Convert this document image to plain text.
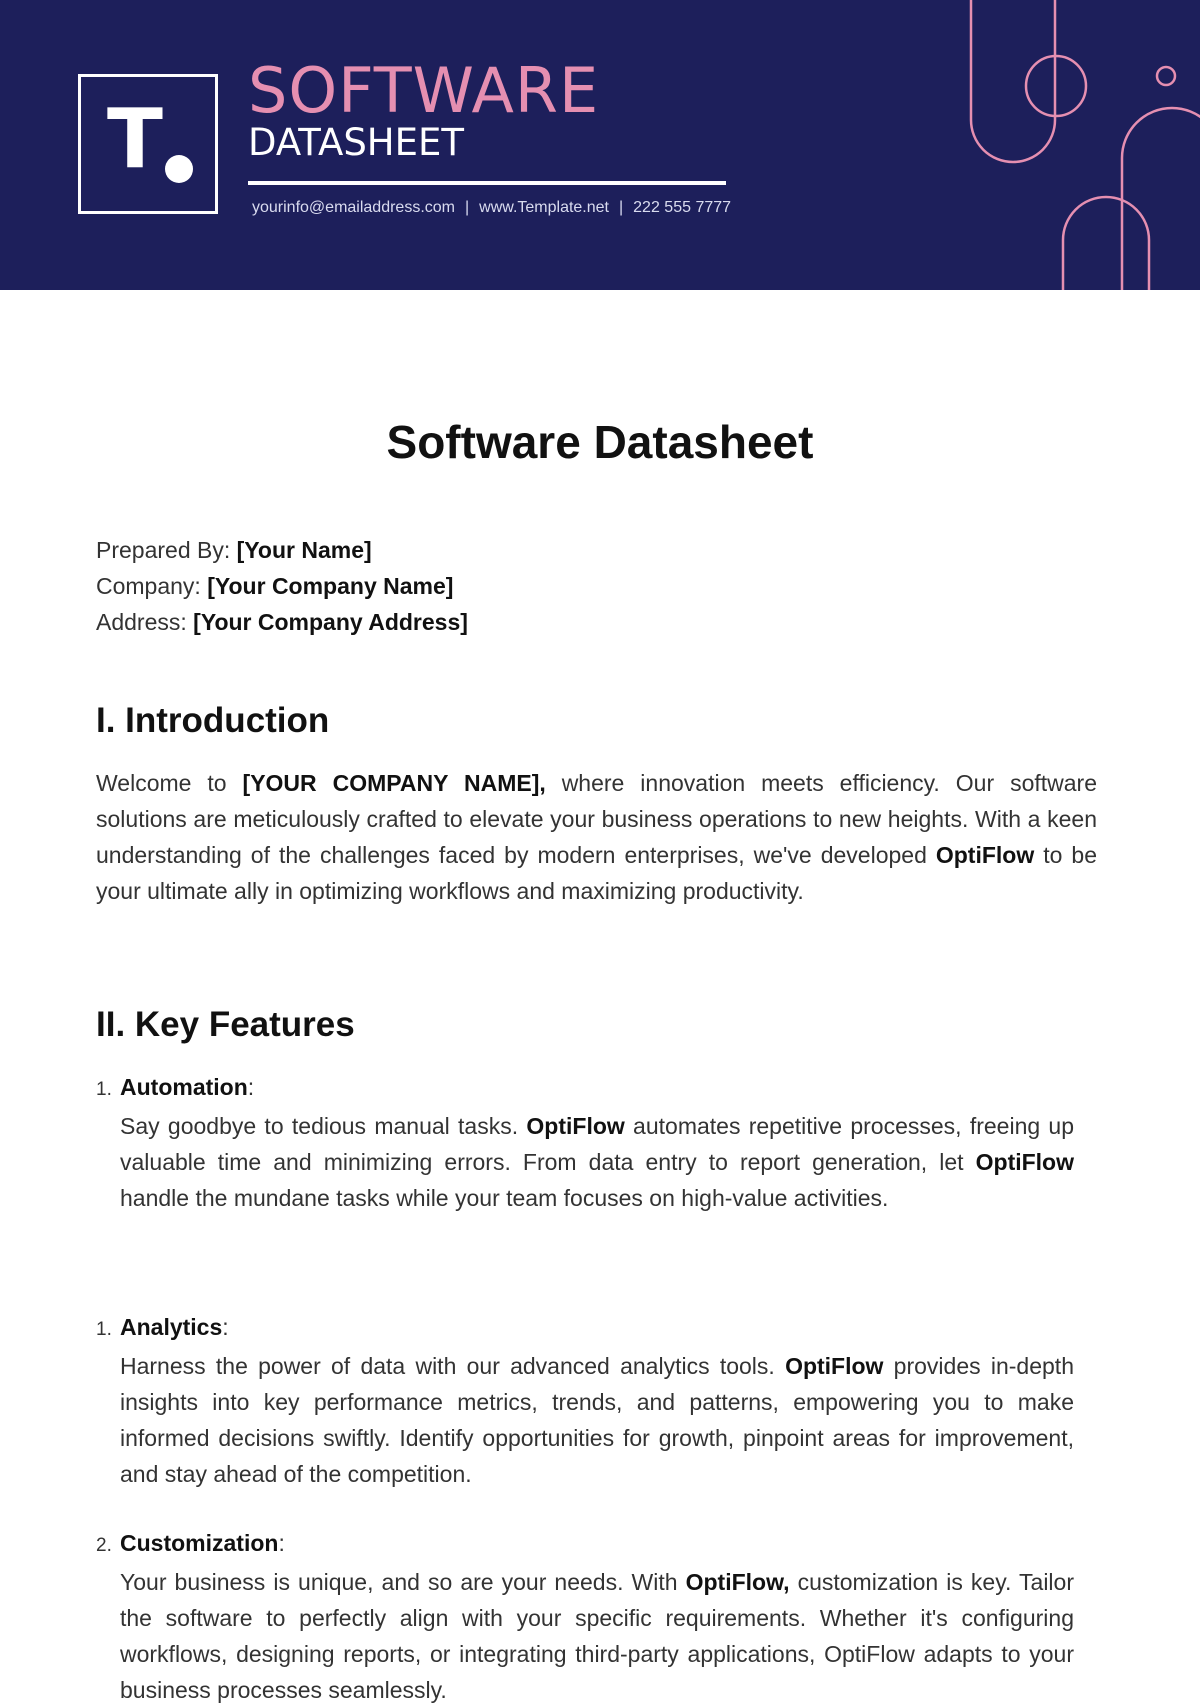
T
SOFTWARE
DATASHEET
yourinfo@emailaddress.com | www.Template.net | 222 555 7777
Software Datasheet
Prepared By: [Your Name]
Company: [Your Company Name]
Address: [Your Company Address]
I. Introduction

Welcome to [YOUR COMPANY NAME], where innovation meets efficiency. Our software solutions are meticulously crafted to elevate your business operations to new heights. With a keen understanding of the challenges faced by modern enterprises, we've developed OptiFlow to be your ultimate ally in optimizing workflows and maximizing productivity.

II. Key Features
1. Automation:

Say goodbye to tedious manual tasks. OptiFlow automates repetitive processes, freeing up valuable time and minimizing errors. From data entry to report generation, let OptiFlow handle the mundane tasks while your team focuses on high-value activities.

1. Analytics:

Harness the power of data with our advanced analytics tools. OptiFlow provides in-depth insights into key performance metrics, trends, and patterns, empowering you to make informed decisions swiftly. Identify opportunities for growth, pinpoint areas for improvement, and stay ahead of the competition.

2. Customization:

Your business is unique, and so are your needs. With OptiFlow, customization is key. Tailor the software to perfectly align with your specific requirements. Whether it's configuring workflows, designing reports, or integrating third-party applications, OptiFlow adapts to your business processes seamlessly.
